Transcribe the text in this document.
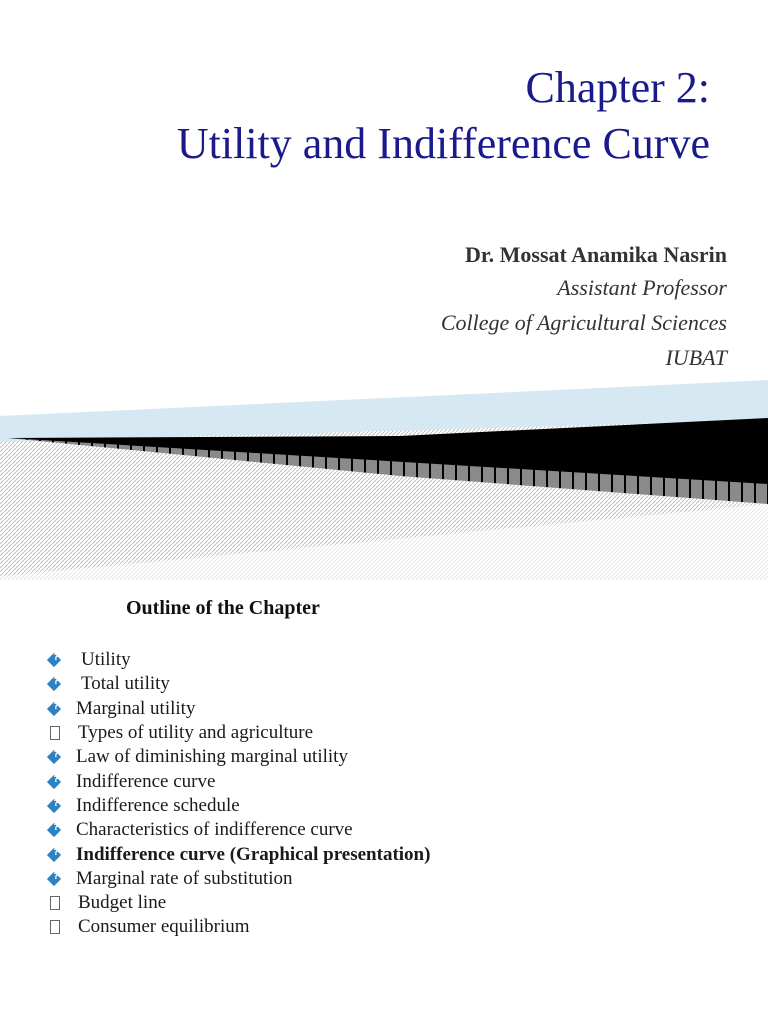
Chapter 2:
Utility and Indifference Curve
Dr. Mossat Anamika Nasrin
Assistant Professor
College of Agricultural Sciences
IUBAT
Outline of the Chapter
?
Utility
?
Total utility
?
Marginal utility
Types of utility and agriculture
?
Law of diminishing marginal utility
?
Indifference curve
?
Indifference schedule
?
Characteristics of indifference curve
?
Indifference curve (Graphical presentation)
?
Marginal rate of substitution
Budget line
Consumer equilibrium
